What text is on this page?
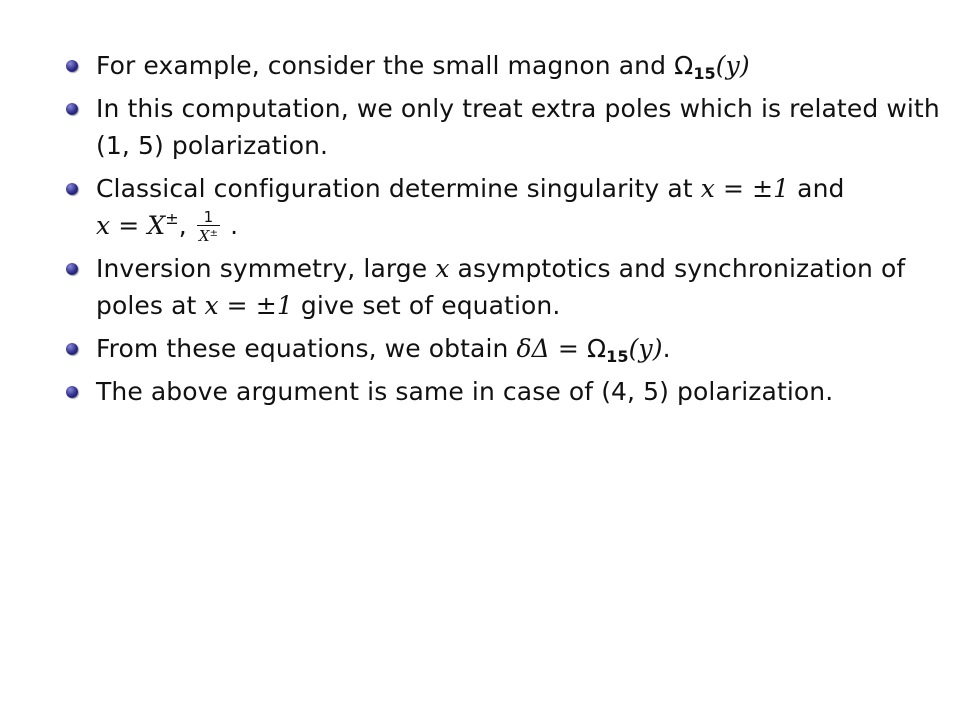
For example, consider the small magnon and $\Omega_{15}(y)$
In this computation, we only treat extra poles which is related with (1, 5) polarization.
Classical configuration determine singularity at x = ±1 and
x = X±, $\frac{1}{X^\pm}$ .
Inversion symmetry, large x asymptotics and synchronization of poles at x = ±1 give set of equation.
From these equations, we obtain $\delta\Delta = \Omega_{15}(y)$.
The above argument is same in case of (4, 5) polarization.
